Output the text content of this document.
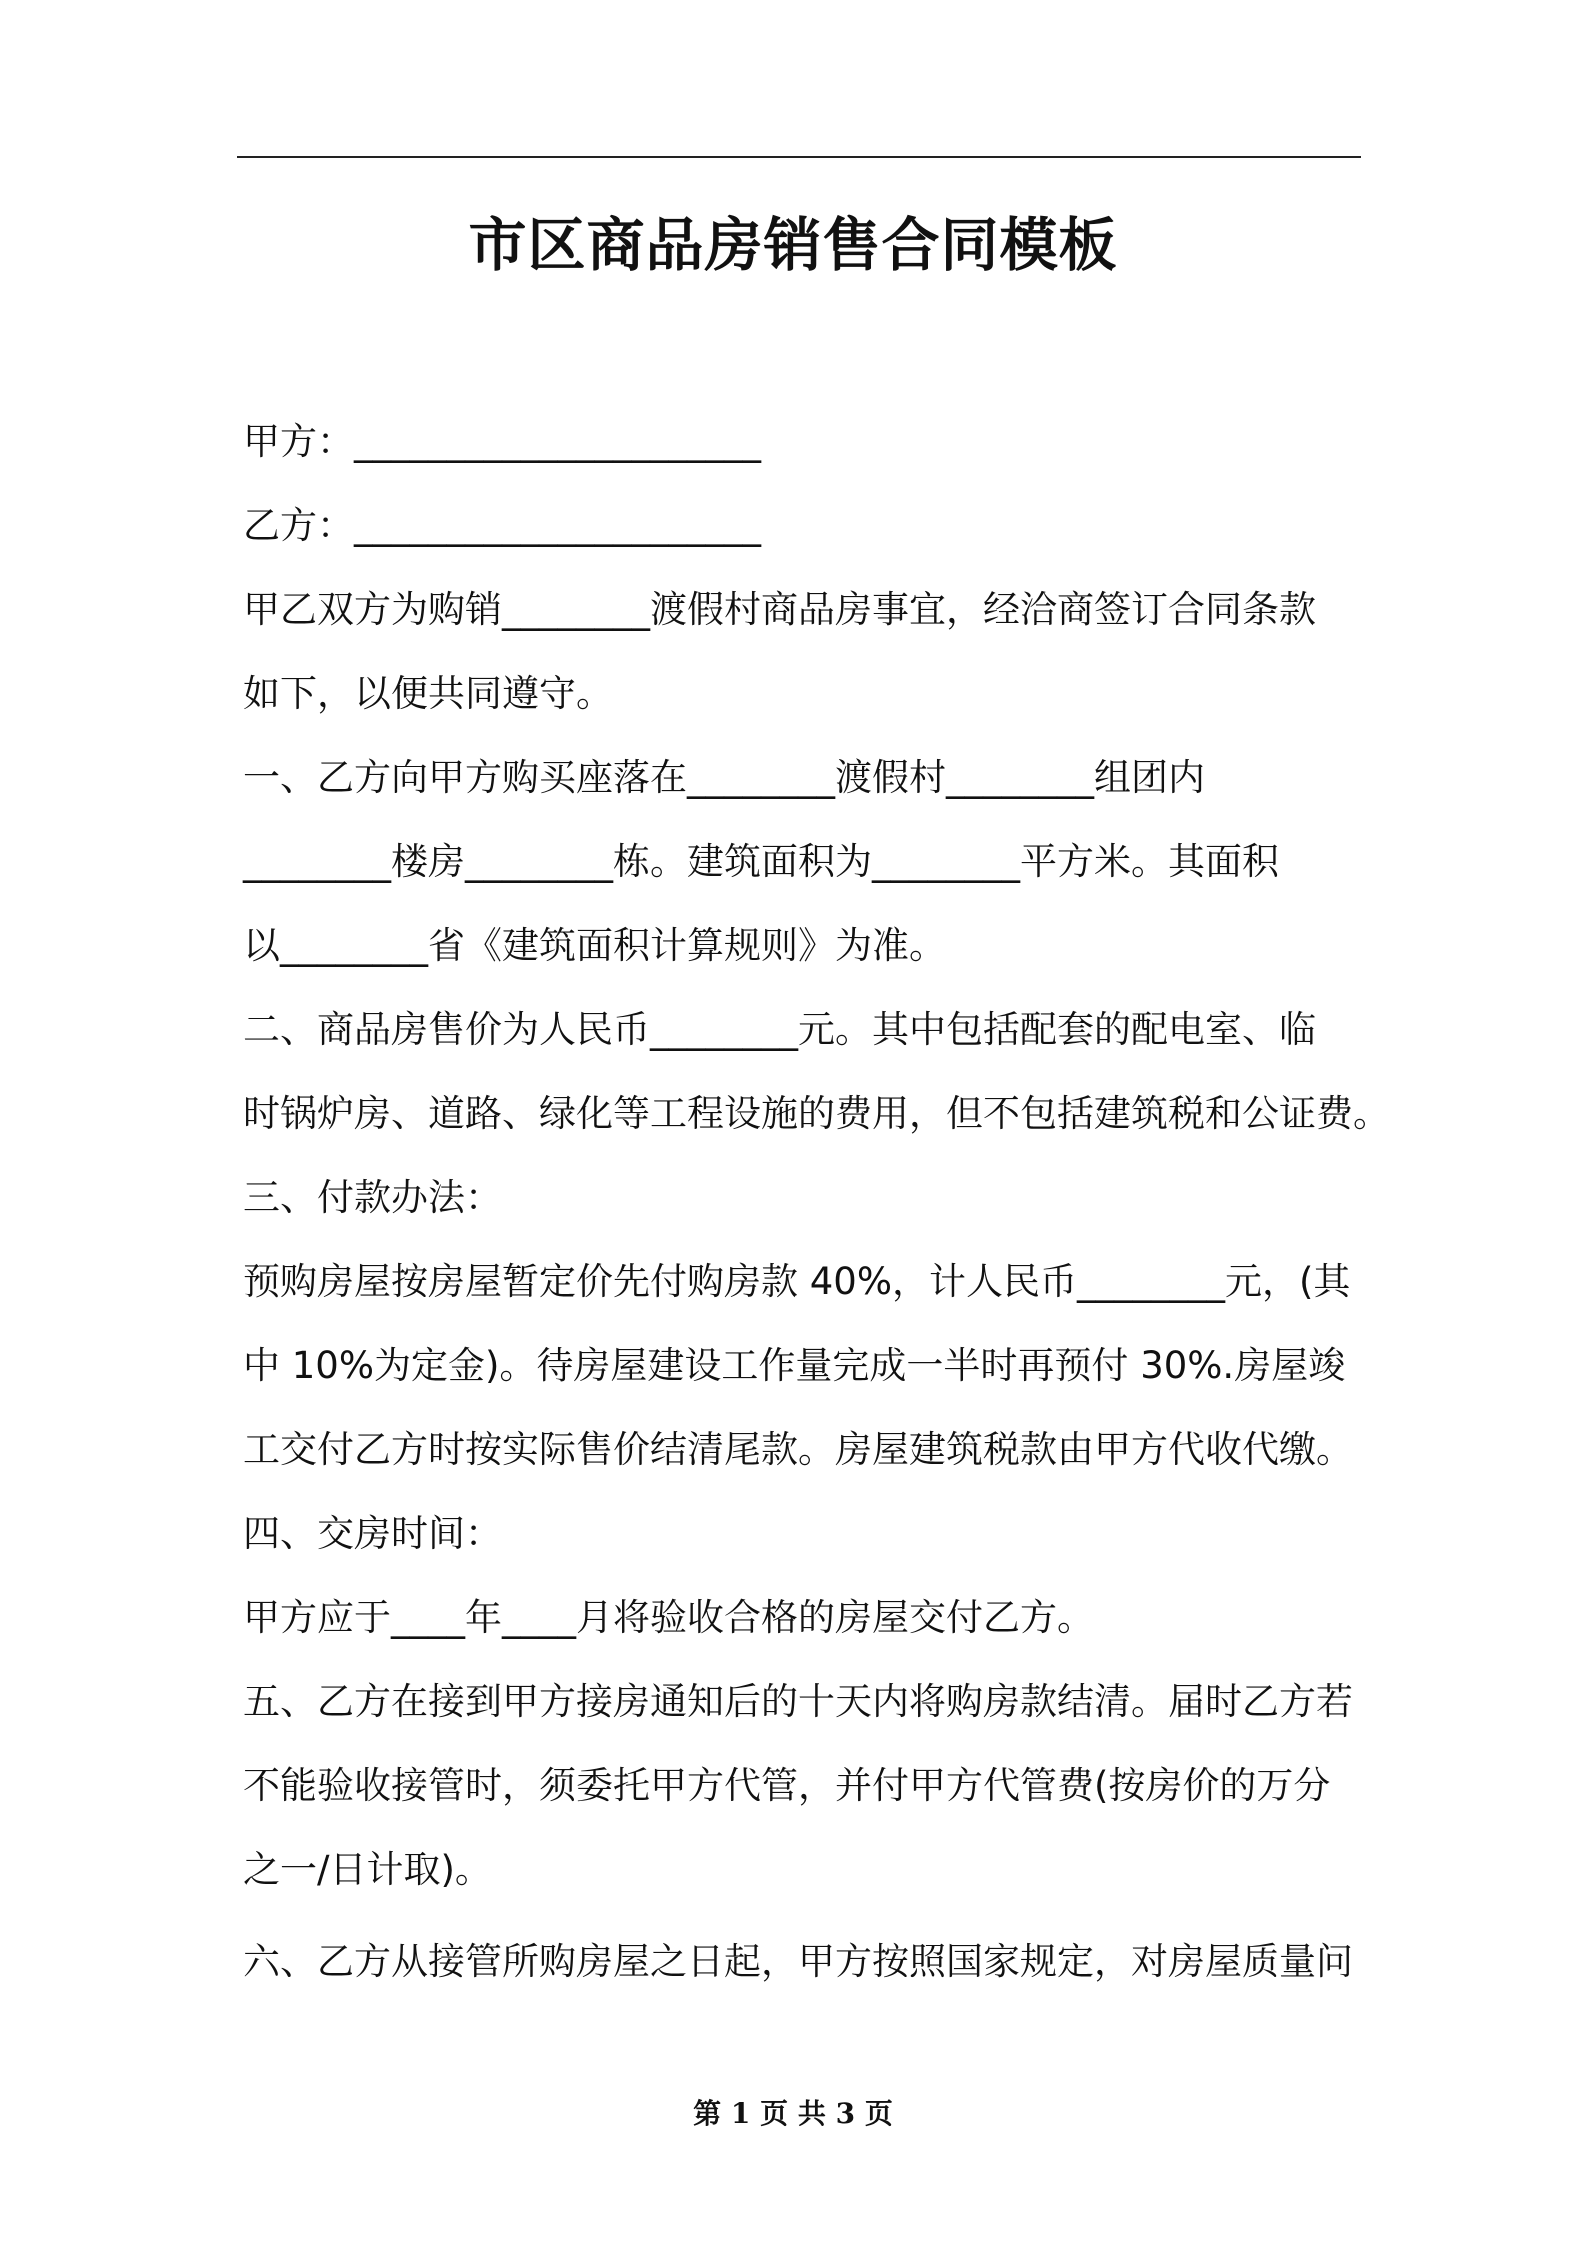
市区商品房销售合同模板
甲方：______________________
乙方：______________________
甲乙双方为购销________渡假村商品房事宜，经洽商签订合同条款
如下，以便共同遵守。
一、乙方向甲方购买座落在________渡假村________组团内
________楼房________栋。建筑面积为________平方米。其面积
以________省《建筑面积计算规则》为准。
二、商品房售价为人民币________元。其中包括配套的配电室、临
时锅炉房、道路、绿化等工程设施的费用，但不包括建筑税和公证费。
三、付款办法：
预购房屋按房屋暂定价先付购房款 40%，计人民币________元，(其
中 10%为定金)。待房屋建设工作量完成一半时再预付 30%.房屋竣
工交付乙方时按实际售价结清尾款。房屋建筑税款由甲方代收代缴。
四、交房时间：
甲方应于____年____月将验收合格的房屋交付乙方。
五、乙方在接到甲方接房通知后的十天内将购房款结清。届时乙方若
不能验收接管时，须委托甲方代管，并付甲方代管费(按房价的万分
之一/日计取)。
六、乙方从接管所购房屋之日起，甲方按照国家规定，对房屋质量问
第 1 页 共 3 页
